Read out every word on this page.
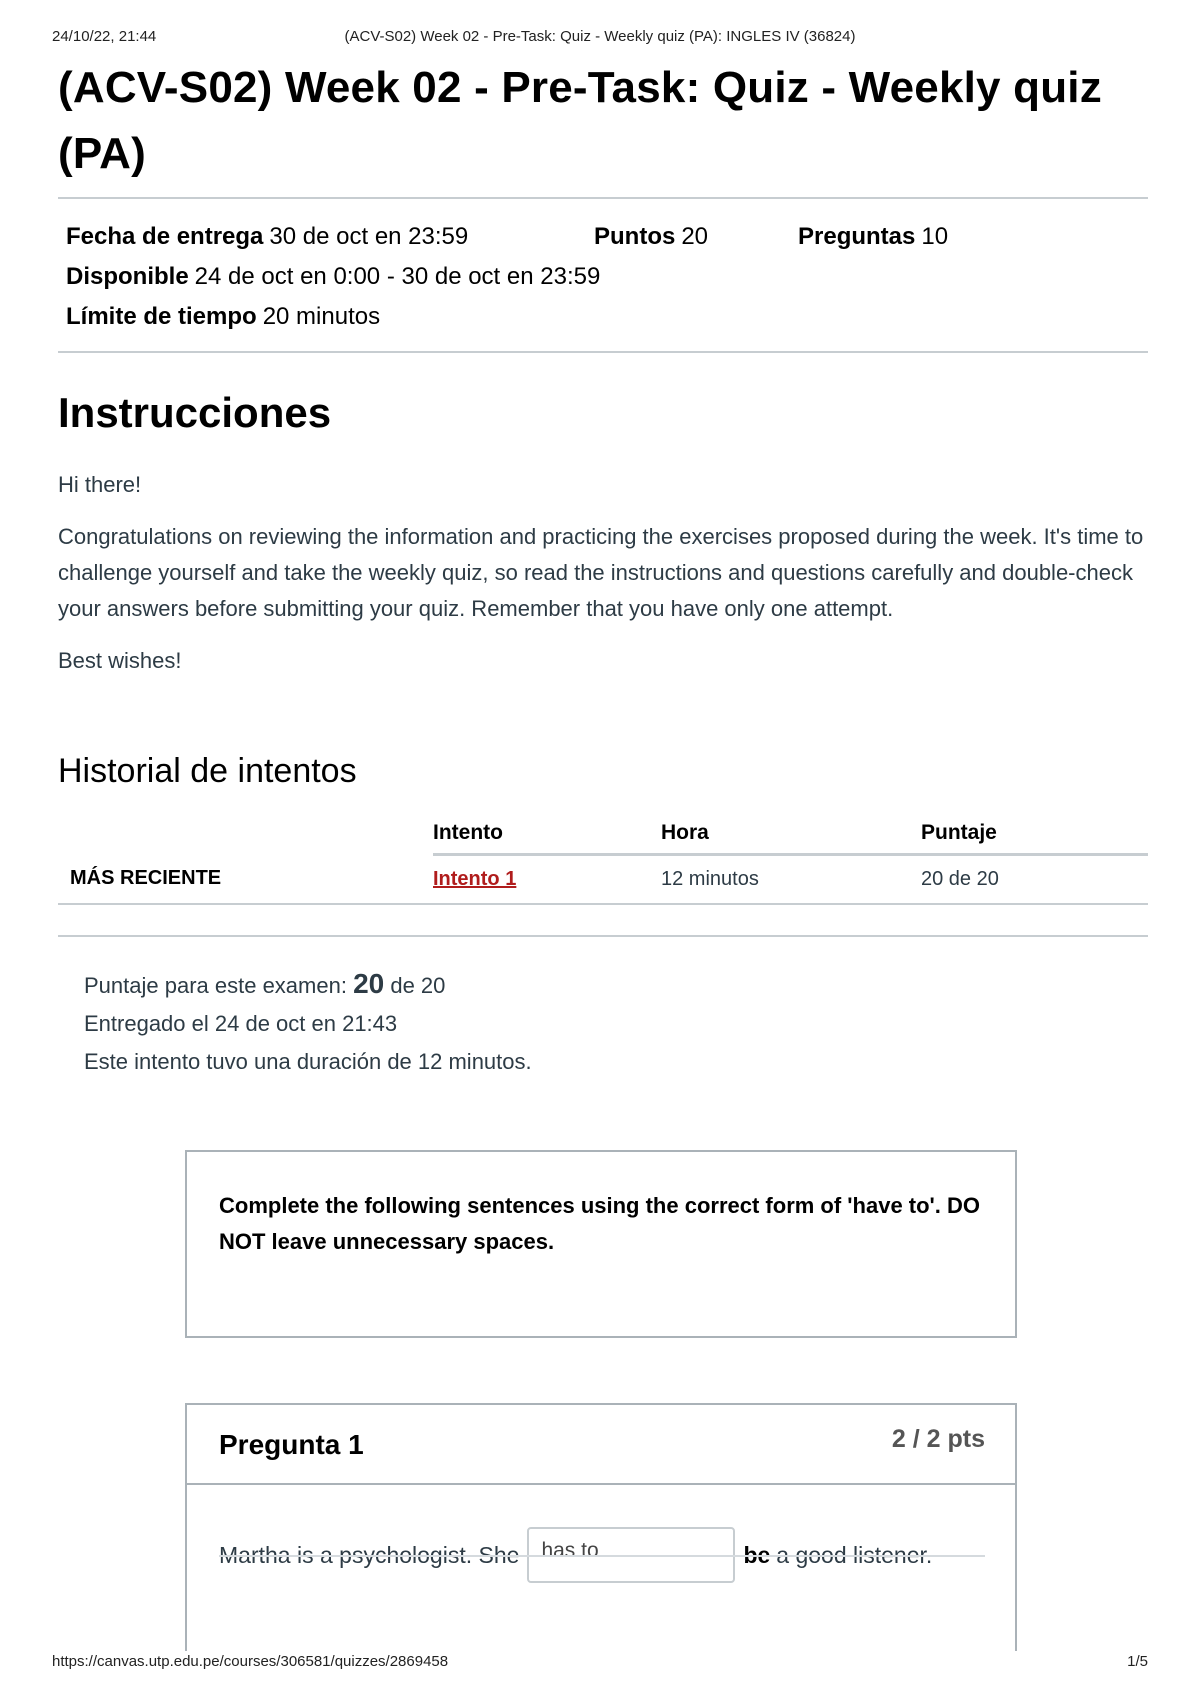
24/10/22, 21:44	(ACV-S02) Week 02 - Pre-Task: Quiz - Weekly quiz (PA): INGLES IV (36824)
(ACV-S02) Week 02 - Pre-Task: Quiz - Weekly quiz (PA)
Fecha de entrega 30 de oct en 23:59	Puntos 20	Preguntas 10
Disponible 24 de oct en 0:00 - 30 de oct en 23:59
Límite de tiempo 20 minutos
Instrucciones

Hi there!

Congratulations on reviewing the information and practicing the exercises proposed during the week. It's time to challenge yourself and take the weekly quiz, so read the instructions and questions carefully and double-check your answers before submitting your quiz. Remember that you have only one attempt.

Best wishes!

Historial de intentos
	Intento	Hora	Puntaje
MÁS RECIENTE	Intento 1	12 minutos	20 de 20
Puntaje para este examen: 20 de 20
Entregado el 24 de oct en 21:43
Este intento tuvo una duración de 12 minutos.
Complete the following sentences using the correct form of 'have to'. DO NOT leave unnecessary spaces.
Pregunta 1	2 / 2 pts
Martha is a psychologist. She	has to	be a good listener.
https://canvas.utp.edu.pe/courses/306581/quizzes/2869458	1/5
